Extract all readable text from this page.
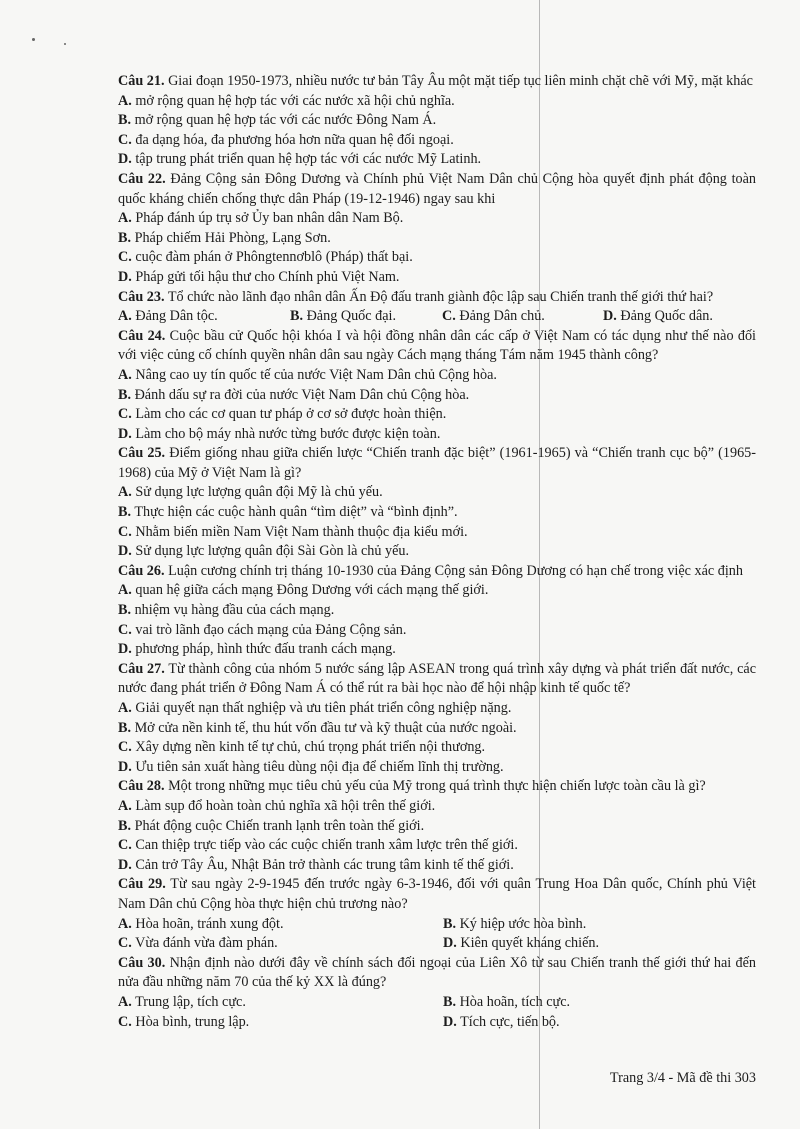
Câu 21. Giai đoạn 1950-1973, nhiều nước tư bản Tây Âu một mặt tiếp tục liên minh chặt chẽ với Mỹ, mặt khác

A. mở rộng quan hệ hợp tác với các nước xã hội chủ nghĩa.

B. mở rộng quan hệ hợp tác với các nước Đông Nam Á.

C. đa dạng hóa, đa phương hóa hơn nữa quan hệ đối ngoại.

D. tập trung phát triển quan hệ hợp tác với các nước Mỹ Latinh.

Câu 22. Đảng Cộng sản Đông Dương và Chính phủ Việt Nam Dân chủ Cộng hòa quyết định phát động toàn quốc kháng chiến chống thực dân Pháp (19-12-1946) ngay sau khi

A. Pháp đánh úp trụ sở Ủy ban nhân dân Nam Bộ.

B. Pháp chiếm Hải Phòng, Lạng Sơn.

C. cuộc đàm phán ở Phôngtennơblô (Pháp) thất bại.

D. Pháp gửi tối hậu thư cho Chính phủ Việt Nam.

Câu 23. Tổ chức nào lãnh đạo nhân dân Ấn Độ đấu tranh giành độc lập sau Chiến tranh thế giới thứ hai?

A. Đảng Dân tộc.	B. Đảng Quốc đại.	C. Đảng Dân chủ.	D. Đảng Quốc dân.

Câu 24. Cuộc bầu cử Quốc hội khóa I và hội đồng nhân dân các cấp ở Việt Nam có tác dụng như thế nào đối với việc củng cố chính quyền nhân dân sau ngày Cách mạng tháng Tám năm 1945 thành công?

A. Nâng cao uy tín quốc tế của nước Việt Nam Dân chủ Cộng hòa.

B. Đánh dấu sự ra đời của nước Việt Nam Dân chủ Cộng hòa.

C. Làm cho các cơ quan tư pháp ở cơ sở được hoàn thiện.

D. Làm cho bộ máy nhà nước từng bước được kiện toàn.

Câu 25. Điểm giống nhau giữa chiến lược “Chiến tranh đặc biệt” (1961-1965) và “Chiến tranh cục bộ” (1965-1968) của Mỹ ở Việt Nam là gì?

A. Sử dụng lực lượng quân đội Mỹ là chủ yếu.

B. Thực hiện các cuộc hành quân “tìm diệt” và “bình định”.

C. Nhằm biến miền Nam Việt Nam thành thuộc địa kiểu mới.

D. Sử dụng lực lượng quân đội Sài Gòn là chủ yếu.

Câu 26. Luận cương chính trị tháng 10-1930 của Đảng Cộng sản Đông Dương có hạn chế trong việc xác định

A. quan hệ giữa cách mạng Đông Dương với cách mạng thế giới.

B. nhiệm vụ hàng đầu của cách mạng.

C. vai trò lãnh đạo cách mạng của Đảng Cộng sản.

D. phương pháp, hình thức đấu tranh cách mạng.

Câu 27. Từ thành công của nhóm 5 nước sáng lập ASEAN trong quá trình xây dựng và phát triển đất nước, các nước đang phát triển ở Đông Nam Á có thể rút ra bài học nào để hội nhập kinh tế quốc tế?

A. Giải quyết nạn thất nghiệp và ưu tiên phát triển công nghiệp nặng.

B. Mở cửa nền kinh tế, thu hút vốn đầu tư và kỹ thuật của nước ngoài.

C. Xây dựng nền kinh tế tự chủ, chú trọng phát triển nội thương.

D. Ưu tiên sản xuất hàng tiêu dùng nội địa để chiếm lĩnh thị trường.

Câu 28. Một trong những mục tiêu chủ yếu của Mỹ trong quá trình thực hiện chiến lược toàn cầu là gì?

A. Làm sụp đổ hoàn toàn chủ nghĩa xã hội trên thế giới.

B. Phát động cuộc Chiến tranh lạnh trên toàn thế giới.

C. Can thiệp trực tiếp vào các cuộc chiến tranh xâm lược trên thế giới.

D. Cản trở Tây Âu, Nhật Bản trở thành các trung tâm kinh tế thế giới.

Câu 29. Từ sau ngày 2-9-1945 đến trước ngày 6-3-1946, đối với quân Trung Hoa Dân quốc, Chính phủ Việt Nam Dân chủ Cộng hòa thực hiện chủ trương nào?

A. Hòa hoãn, tránh xung đột.	B. Ký hiệp ước hòa bình.

C. Vừa đánh vừa đàm phán.	D. Kiên quyết kháng chiến.

Câu 30. Nhận định nào dưới đây về chính sách đối ngoại của Liên Xô từ sau Chiến tranh thế giới thứ hai đến nửa đầu những năm 70 của thế kỷ XX là đúng?

A. Trung lập, tích cực.	B. Hòa hoãn, tích cực.

C. Hòa bình, trung lập.	D. Tích cực, tiến bộ.

Trang 3/4 - Mã đề thi 303
